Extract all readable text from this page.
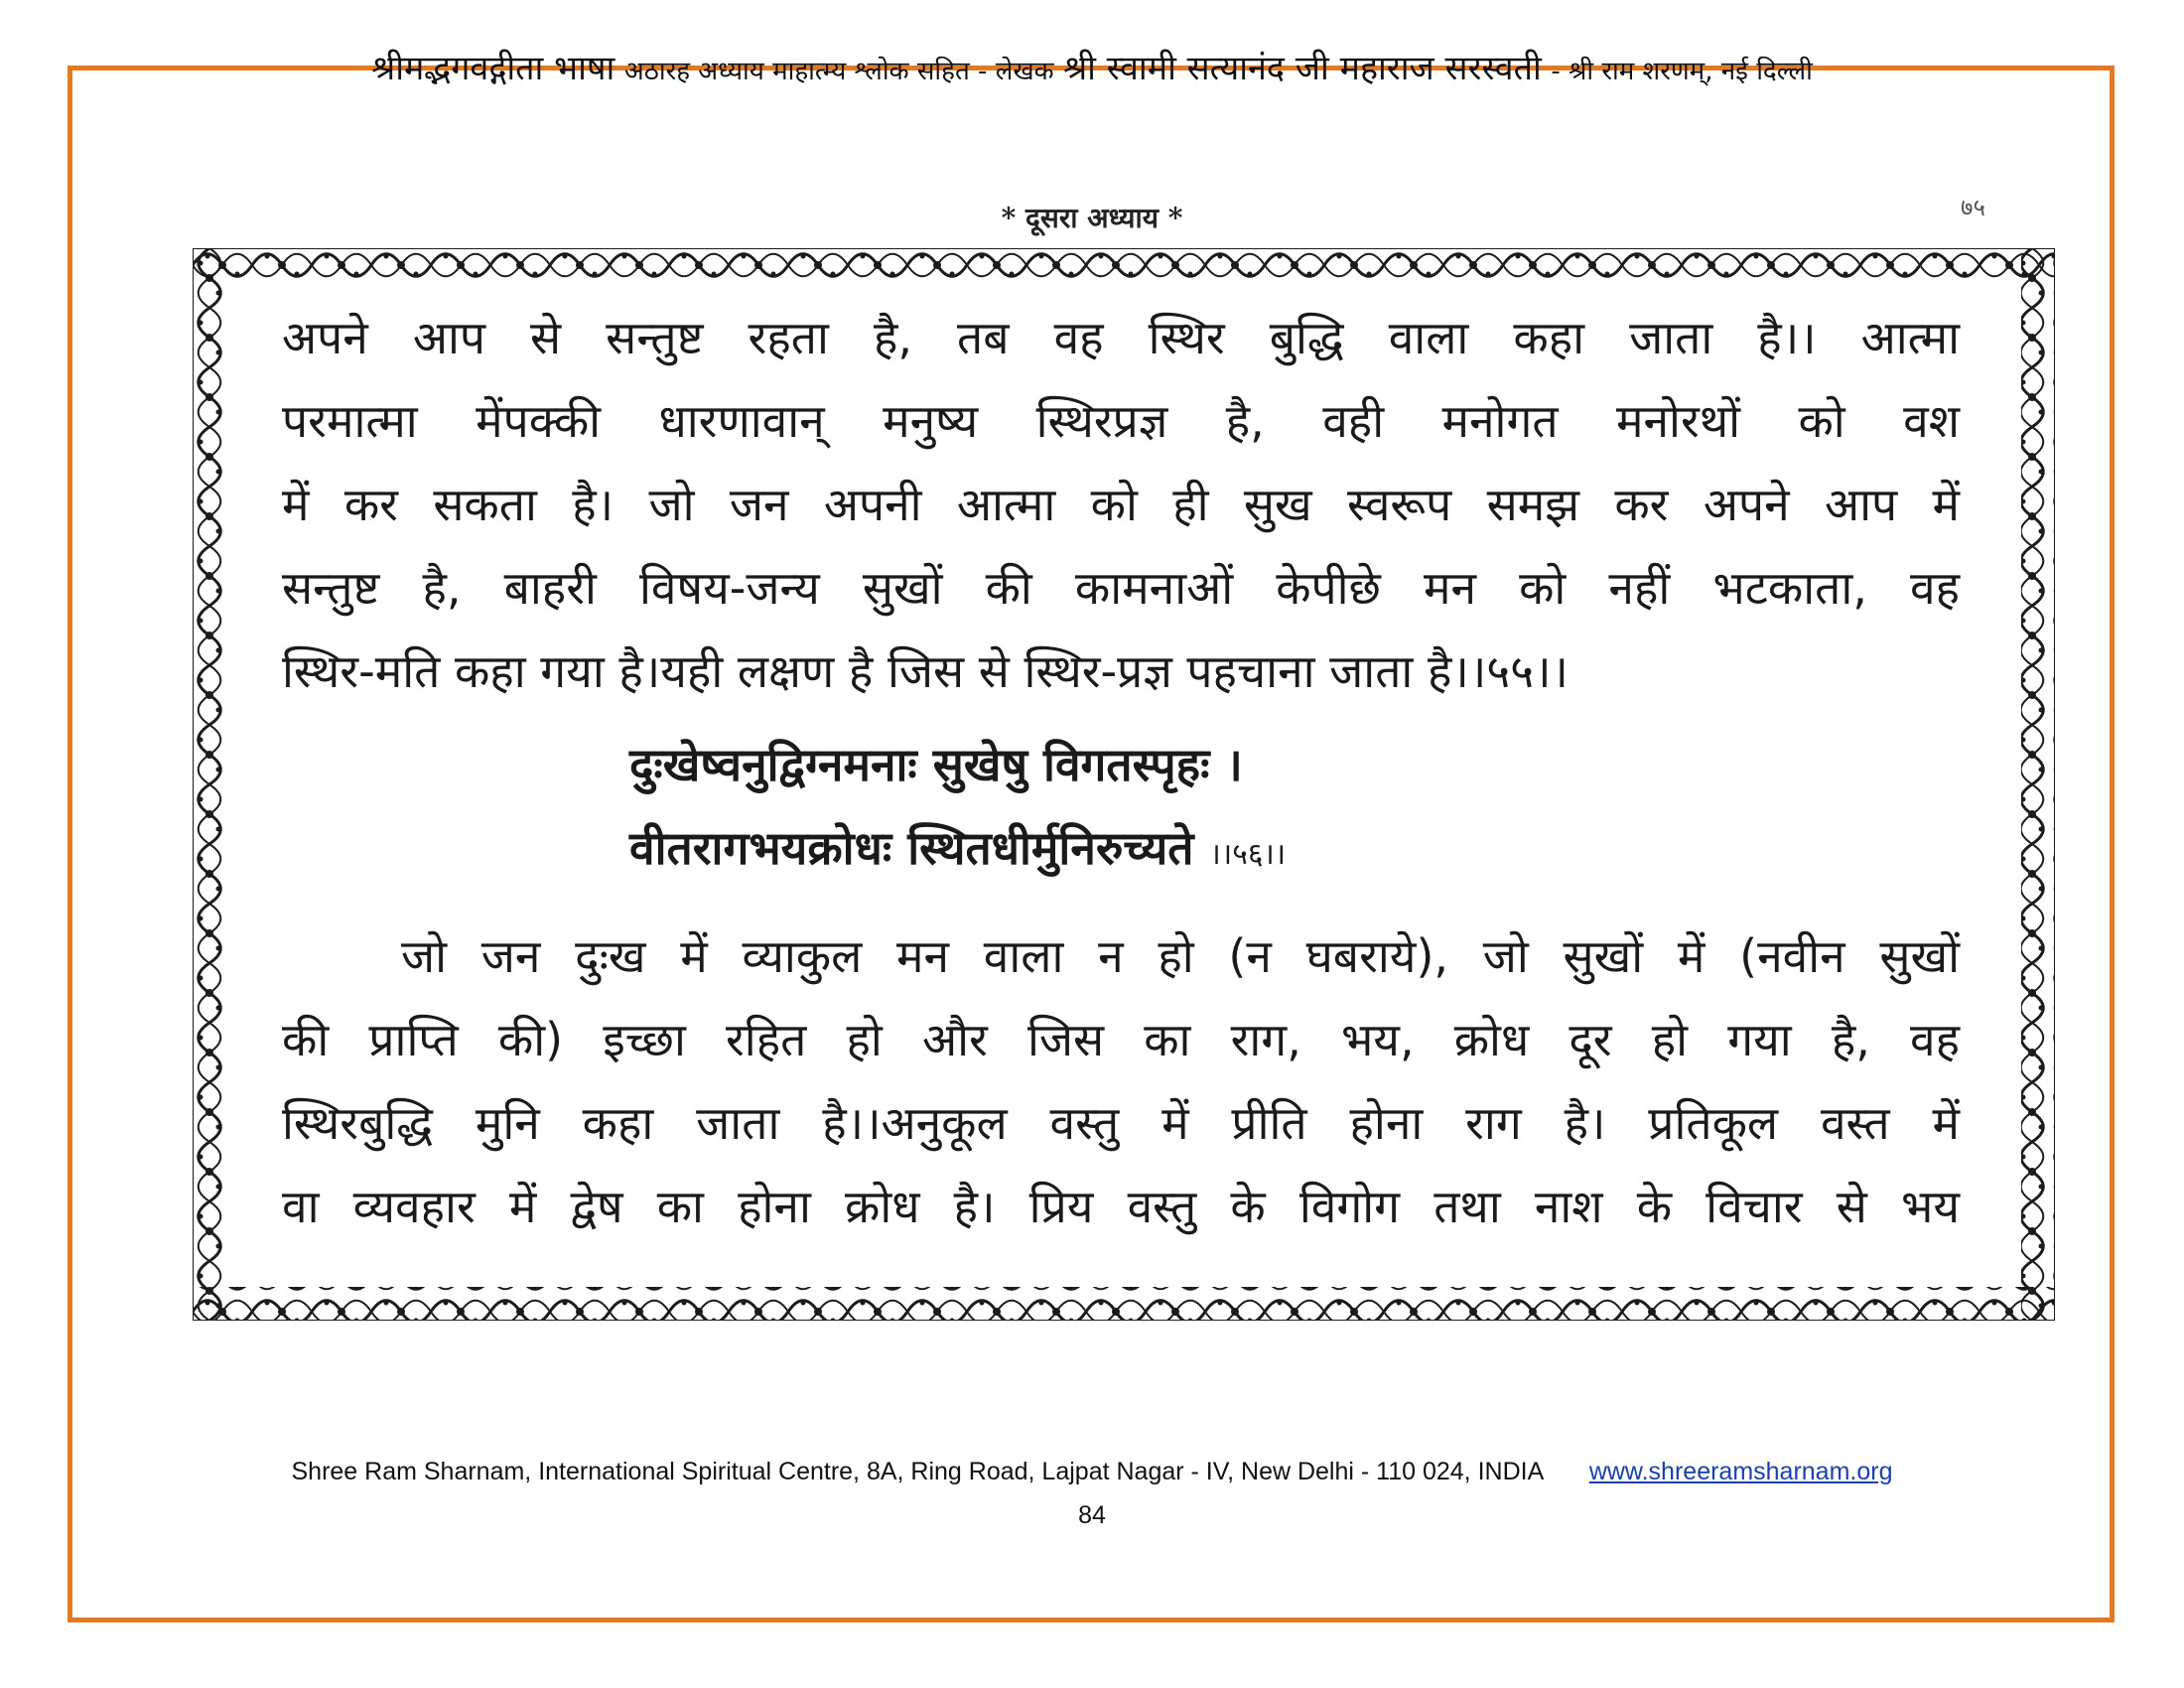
श्रीमद्भगवद्गीता भाषा अठारह अध्याय माहात्म्य श्लोक सहित - लेखक श्री स्वामी सत्यानंद जी महाराज सरस्वती - श्री राम शरणम्, नई दिल्ली
* दूसरा अध्याय *	७५

अपने आप से सन्तुष्ट रहता है, तब वह स्थिर बुद्धि वाला कहा जाता है।। आत्मा

परमात्मा मेंपक्की धारणावान् मनुष्य स्थिरप्रज्ञ है, वही मनोगत मनोरथों को वश

में कर सकता है। जो जन अपनी आत्मा को ही सुख स्वरूप समझ कर अपने आप में

सन्तुष्ट है, बाहरी विषय-जन्य सुखों की कामनाओं केपीछे मन को नहीं भटकाता, वह

स्थिर-मति कहा गया है।यही लक्षण है जिस से स्थिर-प्रज्ञ पहचाना जाता है।।५५।।

दुःखेष्वनुद्विग्नमनाः सुखेषु विगतस्पृहः ।
वीतरागभयक्रोधः स्थितधीर्मुनिरुच्यते ।।५६।।

जो जन दुःख में व्याकुल मन वाला न हो (न घबराये), जो सुखों में (नवीन सुखों

की प्राप्ति की) इच्छा रहित हो और जिस का राग, भय, क्रोध दूर हो गया है, वह

स्थिरबुद्धि मुनि कहा जाता है।।अनुकूल वस्तु में प्रीति होना राग है। प्रतिकूल वस्त में

वा व्यवहार में द्वेष का होना क्रोध है। प्रिय वस्तु के विगोग तथा नाश के विचार से भय

Shree Ram Sharnam, International Spiritual Centre, 8A, Ring Road, Lajpat Nagar - IV, New Delhi - 110 024, INDIA www.shreeramsharnam.org
84
